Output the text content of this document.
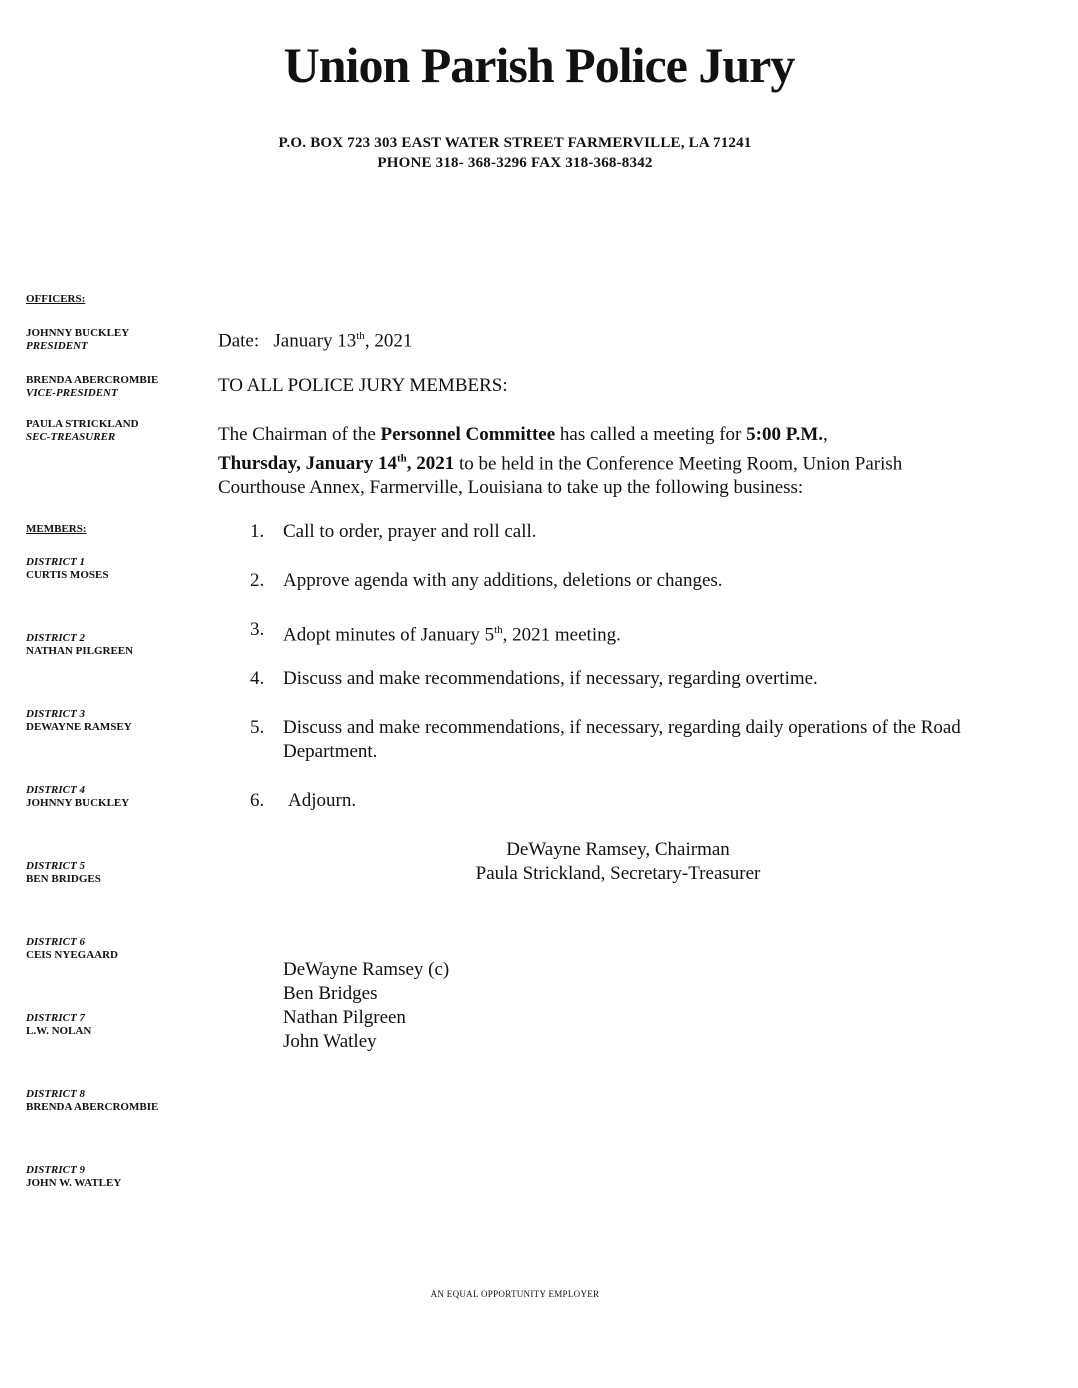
Union Parish Police Jury
P.O. BOX 723 303 EAST WATER STREET FARMERVILLE, LA 71241
PHONE 318- 368-3296 FAX 318-368-8342
OFFICERS:
JOHNNY BUCKLEY
PRESIDENT
BRENDA ABERCROMBIE
VICE-PRESIDENT
PAULA STRICKLAND
SEC-TREASURER
MEMBERS:
DISTRICT 1
CURTIS MOSES
DISTRICT 2
NATHAN PILGREEN
DISTRICT 3
DEWAYNE RAMSEY
DISTRICT 4
JOHNNY BUCKLEY
DISTRICT 5
BEN BRIDGES
DISTRICT 6
CEIS NYEGAARD
DISTRICT 7
L.W. NOLAN
DISTRICT 8
BRENDA ABERCROMBIE
DISTRICT 9
JOHN W. WATLEY
Date: January 13th, 2021
TO ALL POLICE JURY MEMBERS:
The Chairman of the Personnel Committee has called a meeting for 5:00 P.M.,
Thursday, January 14th, 2021 to be held in the Conference Meeting Room, Union Parish Courthouse Annex, Farmerville, Louisiana to take up the following business:
1. Call to order, prayer and roll call.
2. Approve agenda with any additions, deletions or changes.
3. Adopt minutes of January 5th, 2021 meeting.
4. Discuss and make recommendations, if necessary, regarding overtime.
5. Discuss and make recommendations, if necessary, regarding daily operations of the Road Department.
6. Adjourn.
DeWayne Ramsey, Chairman
Paula Strickland, Secretary-Treasurer
DeWayne Ramsey (c)
Ben Bridges
Nathan Pilgreen
John Watley
AN EQUAL OPPORTUNITY EMPLOYER
